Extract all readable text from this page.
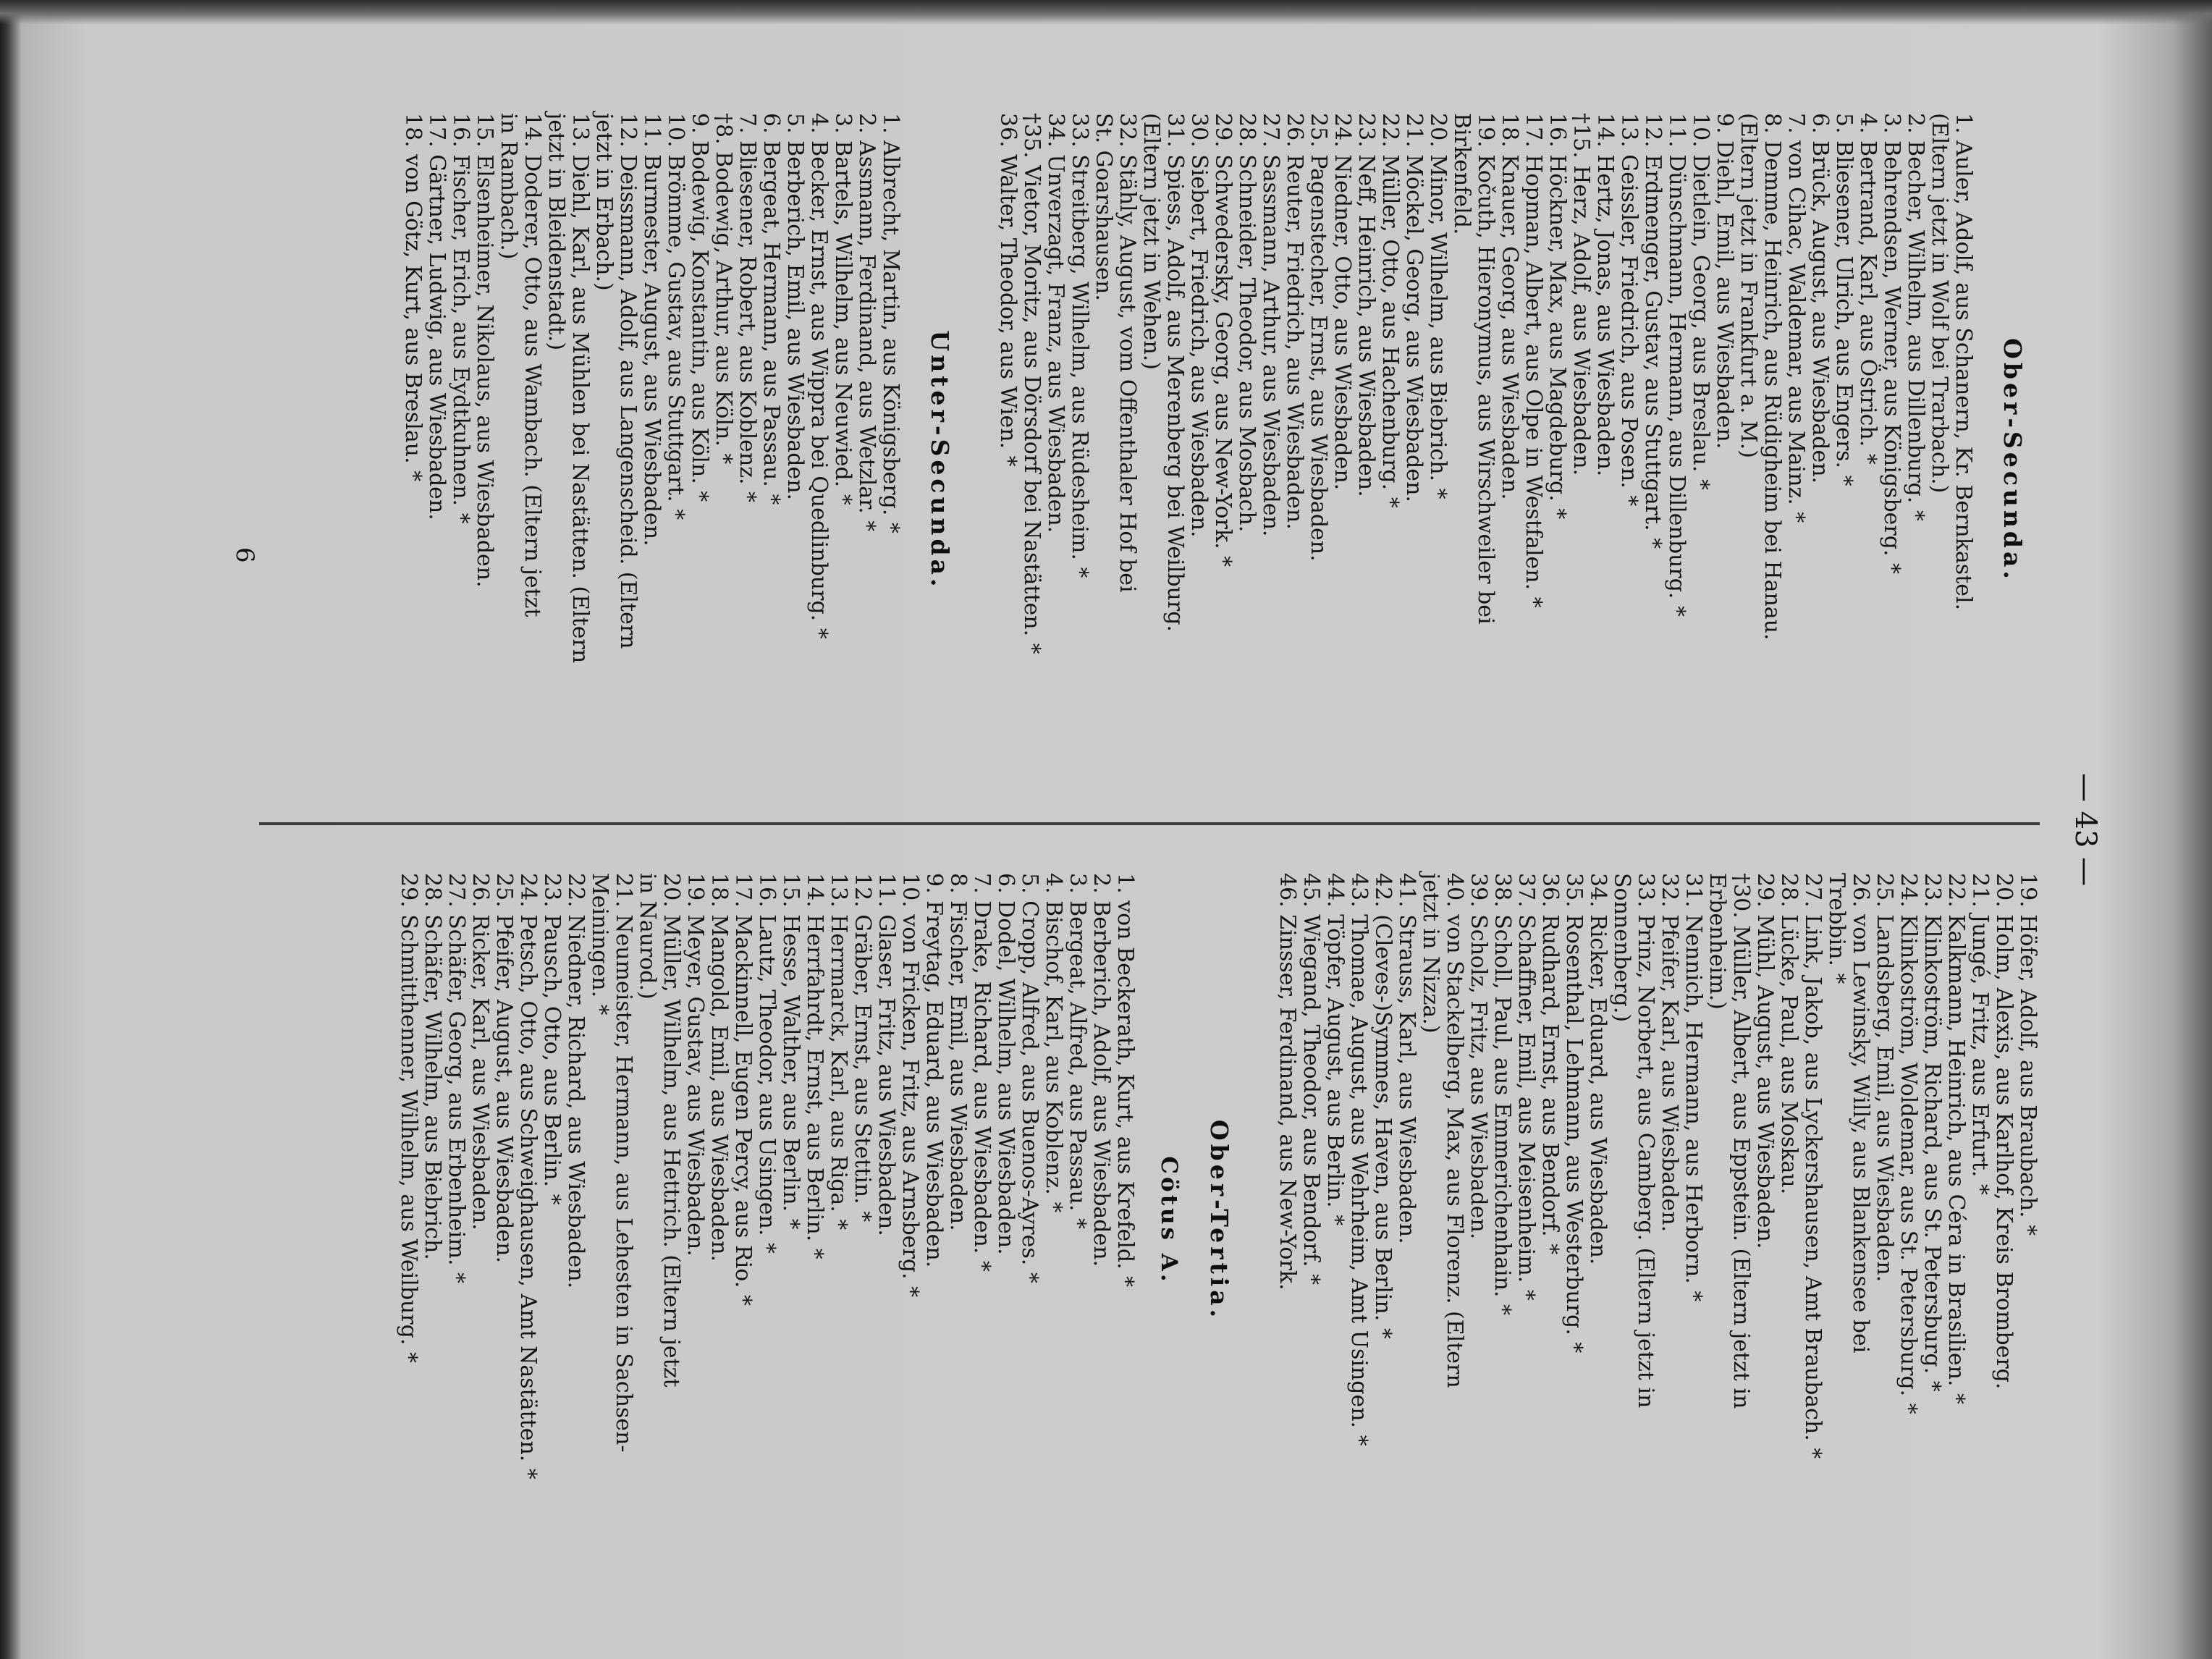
— 43 —
Ober-Secunda.
1. Auler, Adolf, aus Schanern, Kr. Bernkastel.
(Eltern jetzt in Wolf bei Trarbach.)
2. Becher, Wilhelm, aus Dillenburg. *
3. Behrendsen, Werner, aus Königsberg. *
4. Bertrand, Karl, aus Östrich. *
5. Bliesener, Ulrich, aus Engers. *
6. Brück, August, aus Wiesbaden.
7. von Cihac, Waldemar, aus Mainz. *
8. Demme, Heinrich, aus Rüdigheim bei Hanau.
(Eltern jetzt in Frankfurt a. M.)
9. Diehl, Emil, aus Wiesbaden.
10. Dietlein, Georg, aus Breslau. *
11. Dünschmann, Hermann, aus Dillenburg. *
12. Erdmenger, Gustav, aus Stuttgart. *
13. Geissler, Friedrich, aus Posen. *
14. Hertz, Jonas, aus Wiesbaden.
†15. Herz, Adolf, aus Wiesbaden.
16. Höckner, Max, aus Magdeburg. *
17. Hopman, Albert, aus Olpe in Westfalen. *
18. Knauer, Georg, aus Wiesbaden.
19. Kočuth, Hieronymus, aus Wirschweiler bei
Birkenfeld.
20. Minor, Wilhelm, aus Biebrich. *
21. Möckel, Georg, aus Wiesbaden.
22. Müller, Otto, aus Hachenburg. *
23. Neff, Heinrich, aus Wiesbaden.
24. Niedner, Otto, aus Wiesbaden.
25. Pagenstecher, Ernst, aus Wiesbaden.
26. Reuter, Friedrich, aus Wiesbaden.
27. Sassmann, Arthur, aus Wiesbaden.
28. Schneider, Theodor, aus Mosbach.
29. Schwedersky, Georg, aus New-York. *
30. Siebert, Friedrich, aus Wiesbaden.
31. Spiess, Adolf, aus Merenberg bei Weilburg.
(Eltern jetzt in Wehen.)
32. Stähly, August, vom Offenthaler Hof bei
St. Goarshausen.
33. Streitberg, Wilhelm, aus Rüdesheim. *
34. Unverzagt, Franz, aus Wiesbaden.
†35. Vietor, Moritz, aus Dörsdorf bei Nastätten. *
36. Walter, Theodor, aus Wien. *
Unter-Secunda.
1. Albrecht, Martin, aus Königsberg. *
2. Assmann, Ferdinand, aus Wetzlar. *
3. Bartels, Wilhelm, aus Neuwied. *
4. Becker, Ernst, aus Wippra bei Quedlinburg. *
5. Berberich, Emil, aus Wiesbaden.
6. Bergeat, Hermann, aus Passau. *
7. Bliesener, Robert, aus Koblenz. *
†8. Bodewig, Arthur, aus Köln. *
9. Bodewig, Konstantin, aus Köln. *
10. Brömme, Gustav, aus Stuttgart. *
11. Burmester, August, aus Wiesbaden.
12. Deissmann, Adolf, aus Langenscheid. (Eltern
jetzt in Erbach.)
13. Diehl, Karl, aus Mühlen bei Nastätten. (Eltern
jetzt in Bleidenstadt.)
14. Doderer, Otto, aus Wambach. (Eltern jetzt
in Rambach.)
15. Elsenheimer, Nikolaus, aus Wiesbaden.
16. Fischer, Erich, aus Eydtkuhnen. *
17. Gärtner, Ludwig, aus Wiesbaden.
18. von Götz, Kurt, aus Breslau. *
19. Höfer, Adolf, aus Braubach. *
20. Holm, Alexis, aus Karlhof, Kreis Bromberg.
21. Jungé, Fritz, aus Erfurt. *
22. Kalkmann, Heinrich, aus Céra in Brasilien. *
23. Klinkoström, Richard, aus St. Petersburg. *
24. Klinkoström, Woldemar, aus St. Petersburg. *
25. Landsberg, Emil, aus Wiesbaden.
26. von Lewinsky, Willy, aus Blankensee bei
Trebbin. *
27. Link, Jakob, aus Lyckershausen, Amt Braubach. *
28. Lücke, Paul, aus Moskau.
29. Mühl, August, aus Wiesbaden.
†30. Müller, Albert, aus Eppstein. (Eltern jetzt in
Erbenheim.)
31. Nennich, Hermann, aus Herborn. *
32. Pfeifer, Karl, aus Wiesbaden.
33. Prinz, Norbert, aus Camberg. (Eltern jetzt in
Sonnenberg.)
34. Ricker, Eduard, aus Wiesbaden.
35. Rosenthal, Lehmann, aus Westerburg. *
36. Rudhard, Ernst, aus Bendorf. *
37. Schaffner, Emil, aus Meisenheim. *
38. Scholl, Paul, aus Emmerichenhain. *
39. Scholz, Fritz, aus Wiesbaden.
40. von Stackelberg, Max, aus Florenz. (Eltern
jetzt in Nizza.)
41. Strauss, Karl, aus Wiesbaden.
42. (Cleves-)Symmes, Haven, aus Berlin. *
43. Thomae, August, aus Wehrheim, Amt Usingen. *
44. Töpfer, August, aus Berlin. *
45. Wiegand, Theodor, aus Bendorf. *
46. Zinsser, Ferdinand, aus New-York.
Ober-Tertia.
Cötus A.
1. von Beckerath, Kurt, aus Krefeld. *
2. Berberich, Adolf, aus Wiesbaden.
3. Bergeat, Alfred, aus Passau. *
4. Bischof, Karl, aus Koblenz. *
5. Cropp, Alfred, aus Buenos-Ayres. *
6. Dodel, Wilhelm, aus Wiesbaden.
7. Drake, Richard, aus Wiesbaden. *
8. Fischer, Emil, aus Wiesbaden.
9. Freytag, Eduard, aus Wiesbaden.
10. von Fricken, Fritz, aus Arnsberg. *
11. Glaser, Fritz, aus Wiesbaden.
12. Gräber, Ernst, aus Stettin. *
13. Herrmarck, Karl, aus Riga. *
14. Herrfahrdt, Ernst, aus Berlin. *
15. Hesse, Walther, aus Berlin. *
16. Lautz, Theodor, aus Usingen. *
17. Mackinnell, Eugen Percy, aus Rio. *
18. Mangold, Emil, aus Wiesbaden.
19. Meyer, Gustav, aus Wiesbaden.
20. Müller, Wilhelm, aus Hettrich. (Eltern jetzt
in Naurod.)
21. Neumeister, Hermann, aus Lehesten in Sachsen-
Meiningen. *
22. Niedner, Richard, aus Wiesbaden.
23. Pausch, Otto, aus Berlin. *
24. Petsch, Otto, aus Schweighausen, Amt Nastätten. *
25. Pfeifer, August, aus Wiesbaden.
26. Ricker, Karl, aus Wiesbaden.
27. Schäfer, Georg, aus Erbenheim. *
28. Schäfer, Wilhelm, aus Biebrich.
29. Schmitthenner, Wilhelm, aus Weilburg. *
6
